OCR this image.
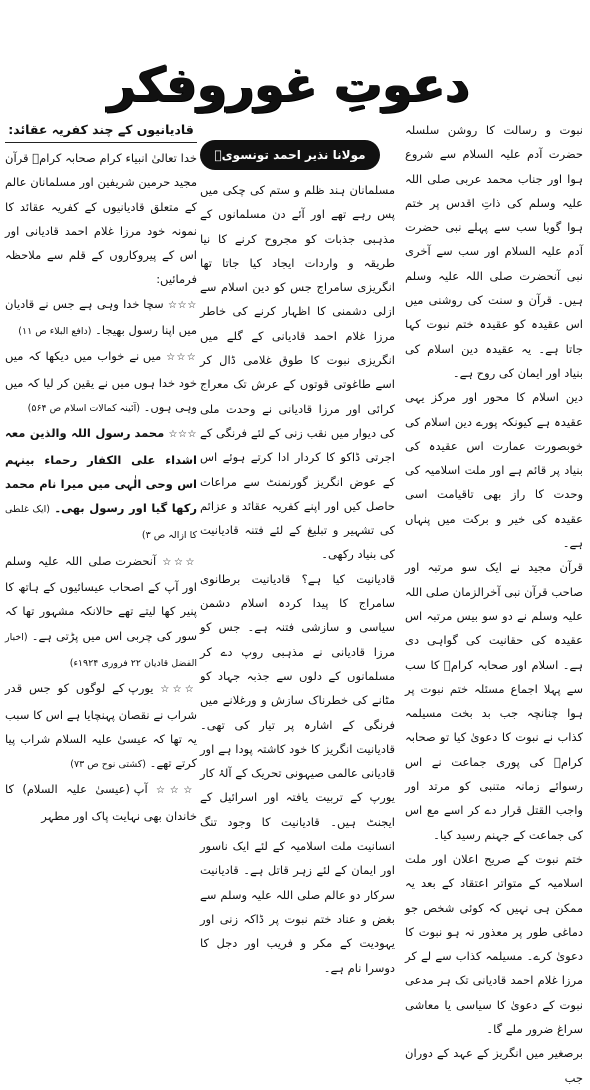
دعوتِ غوروفکر

نبوت و رسالت کا روشن سلسلہ حضرت آدم علیہ السلام سے شروع ہوا اور جناب محمد عربی صلی اللہ علیہ وسلم کی ذاتِ اقدس پر ختم ہوا گویا سب سے پہلے نبی حضرت آدم علیہ السلام اور سب سے آخری نبی آنحضرت صلی اللہ علیہ وسلم ہیں۔ قرآن و سنت کی روشنی میں اس عقیدہ کو عقیدہ ختم نبوت کہا جاتا ہے۔ یہ عقیدہ دین اسلام کی بنیاد اور ایمان کی روح ہے۔

دین اسلام کا محور اور مرکز یہی عقیدہ ہے کیونکہ پورے دین اسلام کی خوبصورت عمارت اس عقیدہ کی بنیاد پر قائم ہے اور ملت اسلامیہ کی وحدت کا راز بھی تاقیامت اسی عقیدہ کی خیر و برکت میں پنہاں ہے۔

قرآن مجید نے ایک سو مرتبہ اور صاحب قرآن نبی آخرالزمان صلی اللہ علیہ وسلم نے دو سو بیس مرتبہ اس عقیدہ کی حقانیت کی گواہی دی ہے۔ اسلام اور صحابہ کرامؓ کا سب سے پہلا اجماع مسئلہ ختم نبوت پر ہوا چنانچہ جب بد بخت مسیلمہ کذاب نے نبوت کا دعویٰ کیا تو صحابہ کرامؓ کی پوری جماعت نے اس رسوائے زمانہ متنبی کو مرتد اور واجب القتل قرار دے کر اسے مع اس کی جماعت کے جہنم رسید کیا۔

ختم نبوت کے صریح اعلان اور ملت اسلامیہ کے متواتر اعتقاد کے بعد یہ ممکن ہی نہیں کہ کوئی شخص جو دماغی طور پر معذور نہ ہو نبوت کا دعویٰ کرے۔ مسیلمہ کذاب سے لے کر مرزا غلام احمد قادیانی تک ہر مدعی نبوت کے دعویٰ کا سیاسی یا معاشی سراغ ضرور ملے گا۔

برصغیر میں انگریز کے عہد کے دوران جب

مولانا نذیر احمد تونسویؒ

مسلمانان ہند ظلم و ستم کی چکی میں پس رہے تھے اور آئے دن مسلمانوں کے مذہبی جذبات کو مجروح کرنے کا نیا طریقہ و واردات ایجاد کیا جاتا تھا انگریزی سامراج جس کو دین اسلام سے ازلی دشمنی کا اظہار کرنے کی خاطر مرزا غلام احمد قادیانی کے گلے میں انگریزی نبوت کا طوق غلامی ڈال کر اسے طاغوتی قوتوں کے عرش تک معراج کرائی اور مرزا قادیانی نے وحدت ملی کی دیوار میں نقب زنی کے لئے فرنگی کے اجرتی ڈاکو کا کردار ادا کرتے ہوئے اس کے عوض انگریز گورنمنٹ سے مراعات حاصل کیں اور اپنے کفریہ عقائد و عزائم کی تشہیر و تبلیغ کے لئے فتنہ قادیانیت کی بنیاد رکھی۔

قادیانیت کیا ہے؟ قادیانیت برطانوی سامراج کا پیدا کردہ اسلام دشمن سیاسی و سازشی فتنہ ہے۔ جس کو مرزا قادیانی نے مذہبی روپ دے کر مسلمانوں کے دلوں سے جذبہ جہاد کو مٹانے کی خطرناک سازش و ورغلانے میں فرنگی کے اشارہ پر تیار کی تھی۔ قادیانیت انگریز کا خود کاشتہ پودا ہے اور قادیانی عالمی صیہونی تحریک کے آلۂ کار یورپ کے تربیت یافتہ اور اسرائیل کے ایجنٹ ہیں۔ قادیانیت کا وجود تنگ انسانیت ملت اسلامیہ کے لئے ایک ناسور اور ایمان کے لئے زہر قاتل ہے۔ قادیانیت سرکار دو عالم صلی اللہ علیہ وسلم سے بغض و عناد ختم نبوت پر ڈاکہ زنی اور یہودیت کے مکر و فریب اور دجل کا دوسرا نام ہے۔

قادیانیوں کے چند کفریہ عقائد:

خدا تعالیٰ انبیاء کرام صحابہ کرامؓ قرآن مجید حرمین شریفین اور مسلمانان عالم کے متعلق قادیانیوں کے کفریہ عقائد کا نمونہ خود مرزا غلام احمد قادیانی اور اس کے پیروکاروں کے قلم سے ملاحظہ فرمائیں:

☆☆☆ سچا خدا وہی ہے جس نے قادیان میں اپنا رسول بھیجا۔ (دافع البلاء ص ۱۱)

☆☆☆ میں نے خواب میں دیکھا کہ میں خود خدا ہوں میں نے یقین کر لیا کہ میں وہی ہوں۔ (آئینہ کمالات اسلام ص ۵۶۴)

☆☆☆ محمد رسول اللہ والذین معہ اشداء علی الکفار رحماء بینہم اس وحی الٰہی میں میرا نام محمد رکھا گیا اور رسول بھی۔ (ایک غلطی کا ازالہ ص ۳)

☆☆☆ آنحضرت صلی اللہ علیہ وسلم اور آپ کے اصحاب عیسائیوں کے ہاتھ کا پنیر کھا لیتے تھے حالانکہ مشہور تھا کہ سور کی چربی اس میں پڑتی ہے۔ (اخبار الفضل قادیان ۲۲ فروری ۱۹۲۴ء)

☆☆☆ یورپ کے لوگوں کو جس قدر شراب نے نقصان پہنچایا ہے اس کا سبب یہ تھا کہ عیسیٰ علیہ السلام شراب پیا کرتے تھے۔ (کشتی نوح ص ۷۳)

☆☆☆ آپ (عیسیٰ علیہ السلام) کا خاندان بھی نہایت پاک اور مطہر
